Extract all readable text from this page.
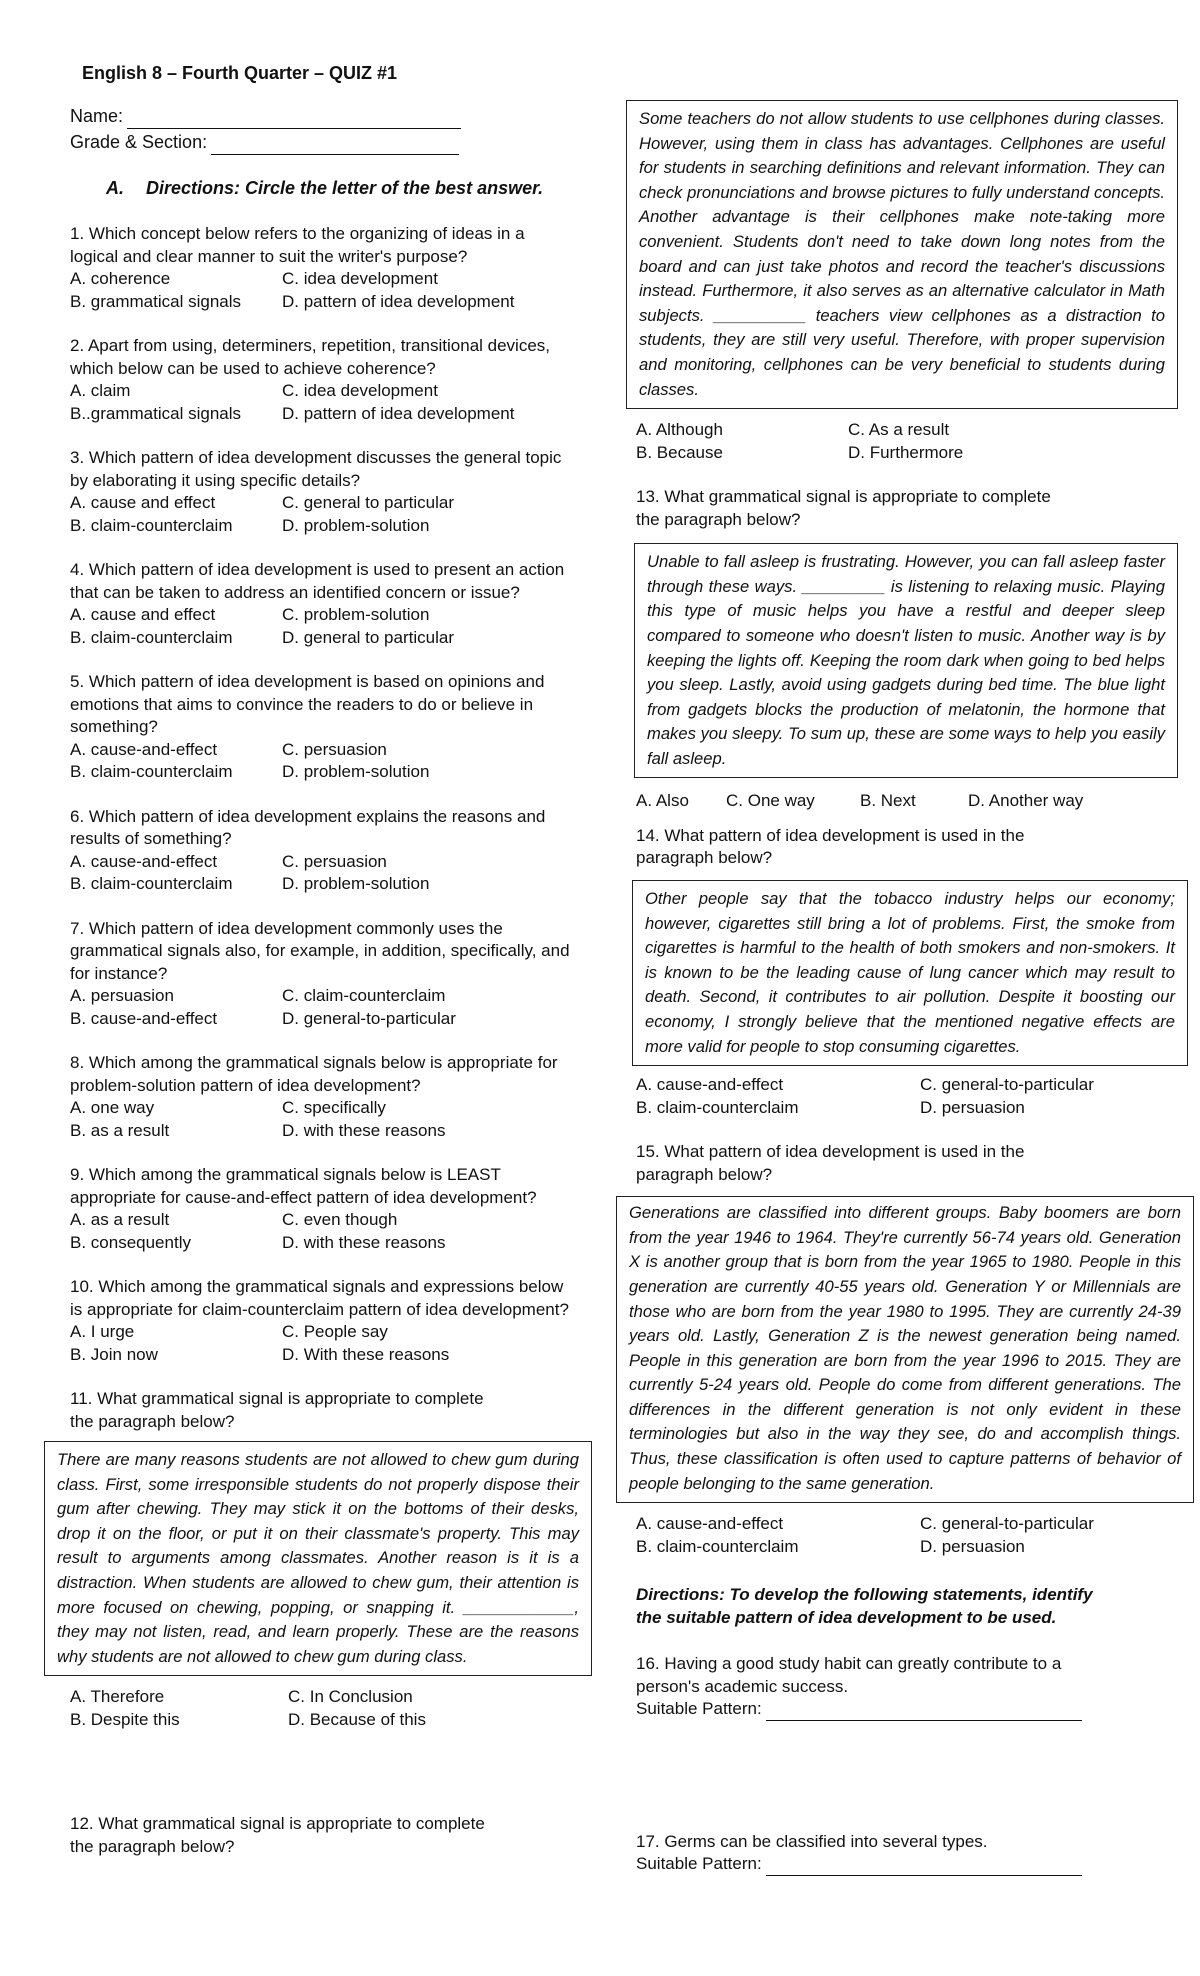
English 8 – Fourth Quarter – QUIZ #1
Name:
Grade & Section:
A. Directions: Circle the letter of the best answer.
1. Which concept below refers to the organizing of ideas in a logical and clear manner to suit the writer's purpose?
A. coherence	C. idea development
B. grammatical signals	D. pattern of idea development
2. Apart from using, determiners, repetition, transitional devices, which below can be used to achieve coherence?
A. claim	C. idea development
B..grammatical signals	D. pattern of idea development
3. Which pattern of idea development discusses the general topic by elaborating it using specific details?
A. cause and effect	C. general to particular
B. claim-counterclaim	D. problem-solution
4. Which pattern of idea development is used to present an action that can be taken to address an identified concern or issue?
A. cause and effect	C. problem-solution
B. claim-counterclaim	D. general to particular
5. Which pattern of idea development is based on opinions and emotions that aims to convince the readers to do or believe in something?
A. cause-and-effect	C. persuasion
B. claim-counterclaim	D. problem-solution
6. Which pattern of idea development explains the reasons and results of something?
A. cause-and-effect	C. persuasion
B. claim-counterclaim	D. problem-solution
7. Which pattern of idea development commonly uses the grammatical signals also, for example, in addition, specifically, and for instance?
A. persuasion	C. claim-counterclaim
B. cause-and-effect	D. general-to-particular
8. Which among the grammatical signals below is appropriate for problem-solution pattern of idea development?
A. one way	C. specifically
B. as a result	D. with these reasons
9. Which among the grammatical signals below is LEAST appropriate for cause-and-effect pattern of idea development?
A. as a result	C. even though
B. consequently	D. with these reasons
10. Which among the grammatical signals and expressions below is appropriate for claim-counterclaim pattern of idea development?
A. I urge	C. People say
B. Join now	D. With these reasons
11. What grammatical signal is appropriate to complete the paragraph below?
There are many reasons students are not allowed to chew gum during class. First, some irresponsible students do not properly dispose their gum after chewing. They may stick it on the bottoms of their desks, drop it on the floor, or put it on their classmate's property. This may result to arguments among classmates. Another reason is it is a distraction. When students are allowed to chew gum, their attention is more focused on chewing, popping, or snapping it. ____________, they may not listen, read, and learn properly. These are the reasons why students are not allowed to chew gum during class.
A. Therefore	C. In Conclusion
B. Despite this	D. Because of this
12. What grammatical signal is appropriate to complete the paragraph below?
Some teachers do not allow students to use cellphones during classes. However, using them in class has advantages. Cellphones are useful for students in searching definitions and relevant information. They can check pronunciations and browse pictures to fully understand concepts. Another advantage is their cellphones make note-taking more convenient. Students don't need to take down long notes from the board and can just take photos and record the teacher's discussions instead. Furthermore, it also serves as an alternative calculator in Math subjects. __________ teachers view cellphones as a distraction to students, they are still very useful. Therefore, with proper supervision and monitoring, cellphones can be very beneficial to students during classes.
A. Although	C. As a result
B. Because	D. Furthermore
13. What grammatical signal is appropriate to complete the paragraph below?
Unable to fall asleep is frustrating. However, you can fall asleep faster through these ways. _________ is listening to relaxing music. Playing this type of music helps you have a restful and deeper sleep compared to someone who doesn't listen to music. Another way is by keeping the lights off. Keeping the room dark when going to bed helps you sleep. Lastly, avoid using gadgets during bed time. The blue light from gadgets blocks the production of melatonin, the hormone that makes you sleepy. To sum up, these are some ways to help you easily fall asleep.
A. Also	C. One way	B. Next	D. Another way
14. What pattern of idea development is used in the paragraph below?
Other people say that the tobacco industry helps our economy; however, cigarettes still bring a lot of problems. First, the smoke from cigarettes is harmful to the health of both smokers and non-smokers. It is known to be the leading cause of lung cancer which may result to death. Second, it contributes to air pollution. Despite it boosting our economy, I strongly believe that the mentioned negative effects are more valid for people to stop consuming cigarettes.
A. cause-and-effect	C. general-to-particular
B. claim-counterclaim	D. persuasion
15. What pattern of idea development is used in the paragraph below?
Generations are classified into different groups. Baby boomers are born from the year 1946 to 1964. They're currently 56-74 years old. Generation X is another group that is born from the year 1965 to 1980. People in this generation are currently 40-55 years old. Generation Y or Millennials are those who are born from the year 1980 to 1995. They are currently 24-39 years old. Lastly, Generation Z is the newest generation being named. People in this generation are born from the year 1996 to 2015. They are currently 5-24 years old. People do come from different generations. The differences in the different generation is not only evident in these terminologies but also in the way they see, do and accomplish things. Thus, these classification is often used to capture patterns of behavior of people belonging to the same generation.
A. cause-and-effect	C. general-to-particular
B. claim-counterclaim	D. persuasion
Directions: To develop the following statements, identify the suitable pattern of idea development to be used.
16. Having a good study habit can greatly contribute to a person's academic success.
Suitable Pattern:
17. Germs can be classified into several types.
Suitable Pattern:
